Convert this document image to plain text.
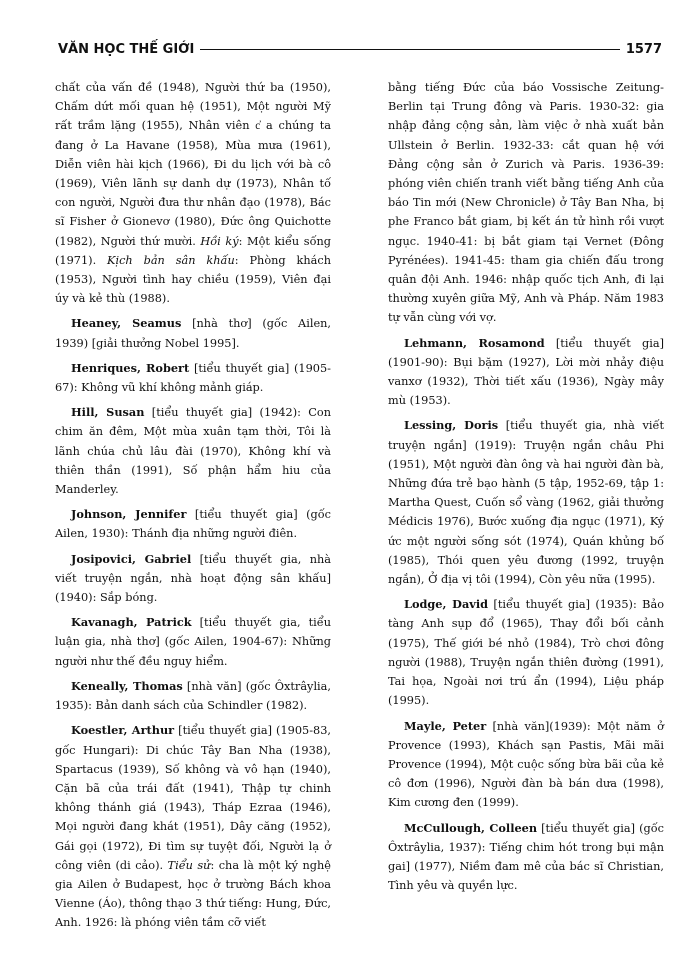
VĂN HỌC THẾ GIỚI	1577

chất của vấn đề (1948), Người thứ ba (1950), Chấm dứt mối quan hệ (1951), Một người Mỹ rất trầm lặng (1955), Nhân viên c҆ a chúng ta đang ở La Havane (1958), Mùa mưa (1961), Diễn viên hài kịch (1966), Đi du lịch với bà cô (1969), Viên lãnh sự danh dự (1973), Nhân tố con người, Người đưa thư nhân đạo (1978), Bác sĩ Fisher ở Gionevơ (1980), Đức ông Quichotte (1982), Người thứ mười. Hồi ký: Một kiểu sống (1971). Kịch bản sân khấu: Phòng khách (1953), Người tình hay chiều (1959), Viên đại úy và kẻ thù (1988).

Heaney, Seamus [nhà thơ] (gốc Ailen, 1939) [giải thưởng Nobel 1995].

Henriques, Robert [tiểu thuyết gia] (1905-67): Không vũ khí không mảnh giáp.

Hill, Susan [tiểu thuyết gia] (1942): Con chim ăn đêm, Một mùa xuân tạm thời, Tôi là lãnh chúa chủ lâu đài (1970), Không khí và thiên thần (1991), Số phận hẩm hiu của Manderley.

Johnson, Jennifer [tiểu thuyết gia] (gốc Ailen, 1930): Thánh địa những người điên.

Josipovici, Gabriel [tiểu thuyết gia, nhà viết truyện ngắn, nhà hoạt động sân khấu] (1940): Sắp bóng.

Kavanagh, Patrick [tiểu thuyết gia, tiểu luận gia, nhà thơ] (gốc Ailen, 1904-67): Những người như thế đều nguy hiểm.

Keneally, Thomas [nhà văn] (gốc Ôxtrâylia, 1935): Bản danh sách của Schindler (1982).

Koestler, Arthur [tiểu thuyết gia] (1905-83, gốc Hungari): Di chúc Tây Ban Nha (1938), Spartacus (1939), Số không và vô hạn (1940), Cặn bã của trái đất (1941), Thập tự chinh không thánh giá (1943), Tháp Ezraa (1946), Mọi người đang khát (1951), Dây căng (1952), Gái gọi (1972), Đi tìm sự tuyệt đối, Người lạ ở công viên (di cảo). Tiểu sử: cha là một ký nghệ gia Ailen ở Budapest, học ở trường Bách khoa Vienne (Áo), thông thạo 3 thứ tiếng: Hung, Đức, Anh. 1926: là phóng viên tầm cỡ viết

bằng tiếng Đức của báo Vossische Zeitung-Berlin tại Trung đông và Paris. 1930-32: gia nhập đảng cộng sản, làm việc ở nhà xuất bản Ullstein ở Berlin. 1932-33: cắt quan hệ với Đảng cộng sản ở Zurich và Paris. 1936-39: phóng viên chiến tranh viết bằng tiếng Anh của báo Tin mới (New Chronicle) ở Tây Ban Nha, bị phe Franco bắt giam, bị kết án tử hình rồi vượt ngục. 1940-41: bị bắt giam tại Vernet (Đông Pyrénées). 1941-45: tham gia chiến đấu trong quân đội Anh. 1946: nhập quốc tịch Anh, đi lại thường xuyên giữa Mỹ, Anh và Pháp. Năm 1983 tự vẫn cùng với vợ.

Lehmann, Rosamond [tiểu thuyết gia] (1901-90): Bụi bặm (1927), Lời mời nhảy điệu vanxơ (1932), Thời tiết xấu (1936), Ngày mây mù (1953).

Lessing, Doris [tiểu thuyết gia, nhà viết truyện ngắn] (1919): Truyện ngắn châu Phi (1951), Một người đàn ông và hai người đàn bà, Những đứa trẻ bạo hành (5 tập, 1952-69, tập 1: Martha Quest, Cuốn sổ vàng (1962, giải thưởng Médicis 1976), Bước xuống địa ngục (1971), Ký ức một người sống sót (1974), Quán khủng bố (1985), Thói quen yêu đương (1992, truyện ngắn), Ở địa vị tôi (1994), Còn yêu nữa (1995).

Lodge, David [tiểu thuyết gia] (1935): Bảo tàng Anh sụp đổ (1965), Thay đổi bối cảnh (1975), Thế giới bé nhỏ (1984), Trò chơi đông người (1988), Truyện ngắn thiên đường (1991), Tai họa, Ngoài nơi trú ẩn (1994), Liệu pháp (1995).

Mayle, Peter [nhà văn](1939): Một năm ở Provence (1993), Khách sạn Pastis, Mãi mãi Provence (1994), Một cuộc sống bừa bãi của kẻ cô đơn (1996), Người đàn bà bán dưa (1998), Kim cương đen (1999).

McCullough, Colleen [tiểu thuyết gia] (gốc Ôxtrâylia, 1937): Tiếng chim hót trong bụi mận gai] (1977), Niềm đam mê của bác sĩ Christian, Tình yêu và quyền lực.
